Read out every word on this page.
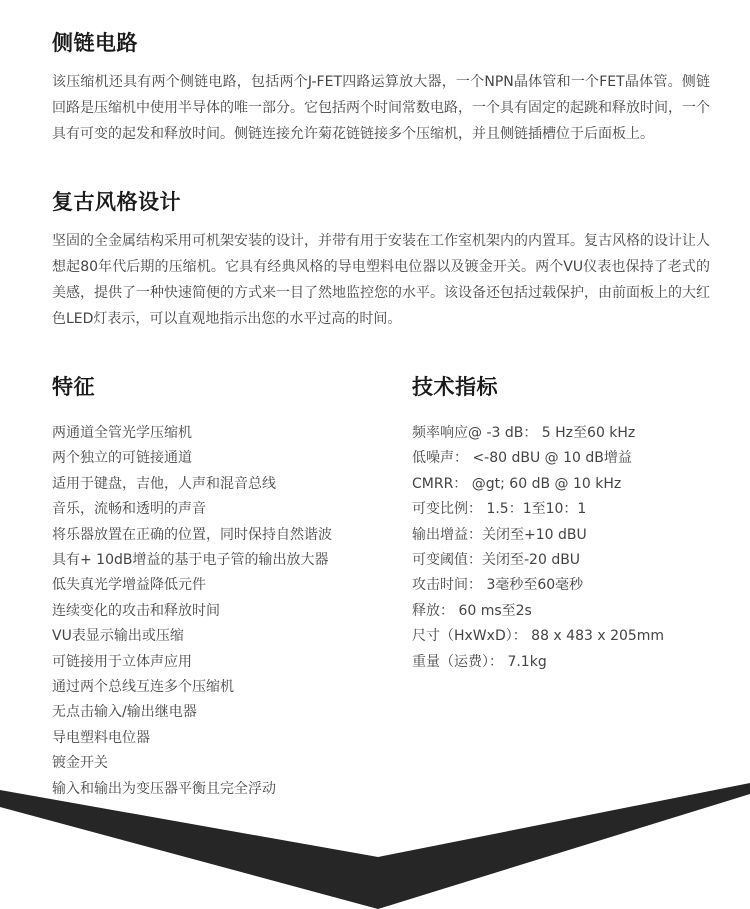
侧链电路

该压缩机还具有两个侧链电路，包括两个J-FET四路运算放大器，一个NPN晶体管和一个FET晶体管。侧链回路是压缩机中使用半导体的唯一部分。它包括两个时间常数电路，一个具有固定的起跳和释放时间，一个具有可变的起发和释放时间。侧链连接允许菊花链链接多个压缩机，并且侧链插槽位于后面板上。

复古风格设计

坚固的全金属结构采用可机架安装的设计，并带有用于安装在工作室机架内的内置耳。复古风格的设计让人想起80年代后期的压缩机。它具有经典风格的导电塑料电位器以及镀金开关。两个VU仪表也保持了老式的美感，提供了一种快速简便的方式来一目了然地监控您的水平。该设备还包括过载保护，由前面板上的大红色LED灯表示，可以直观地指示出您的水平过高的时间。

特征
两通道全管光学压缩机
两个独立的可链接通道
适用于键盘，吉他，人声和混音总线
音乐，流畅和透明的声音
将乐器放置在正确的位置，同时保持自然谐波
具有+ 10dB增益的基于电子管的输出放大器
低失真光学增益降低元件
连续变化的攻击和释放时间
VU表显示输出或压缩
可链接用于立体声应用
通过两个总线互连多个压缩机
无点击输入/输出继电器
导电塑料电位器
镀金开关
输入和输出为变压器平衡且完全浮动
技术指标
频率响应@ -3 dB： 5 Hz至60 kHz
低噪声： <-80 dBU @ 10 dB增益
CMRR： @gt; 60 dB @ 10 kHz
可变比例： 1.5：1至10：1
输出增益：关闭至+10 dBU
可变阈值：关闭至-20 dBU
攻击时间： 3毫秒至60毫秒
释放： 60 ms至2s
尺寸（HxWxD）： 88 x 483 x 205mm
重量（运费）： 7.1kg
